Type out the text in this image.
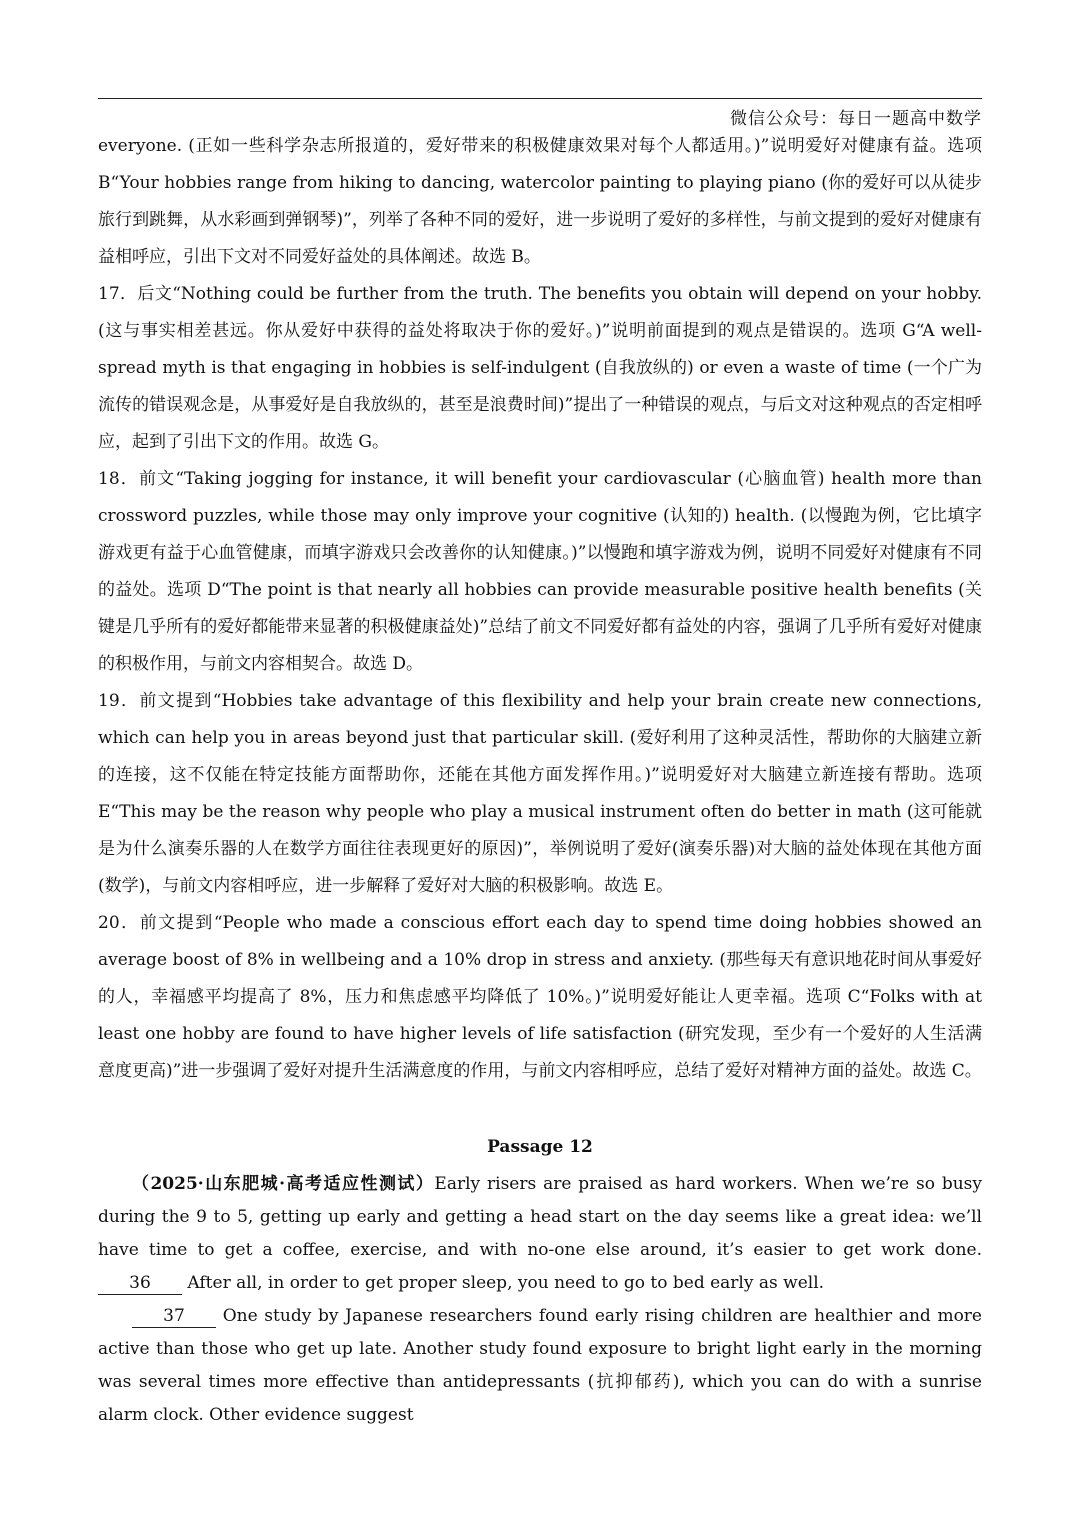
微信公众号：每日一题高中数学

everyone. (正如一些科学杂志所报道的，爱好带来的积极健康效果对每个人都适用。)”说明爱好对健康有益。选项 B“Your hobbies range from hiking to dancing, watercolor painting to playing piano (你的爱好可以从徒步旅行到跳舞，从水彩画到弹钢琴)”，列举了各种不同的爱好，进一步说明了爱好的多样性，与前文提到的爱好对健康有益相呼应，引出下文对不同爱好益处的具体阐述。故选 B。

17．后文“Nothing could be further from the truth. The benefits you obtain will depend on your hobby. (这与事实相差甚远。你从爱好中获得的益处将取决于你的爱好。)”说明前面提到的观点是错误的。选项 G“A well-spread myth is that engaging in hobbies is self-indulgent (自我放纵的) or even a waste of time (一个广为流传的错误观念是，从事爱好是自我放纵的，甚至是浪费时间)”提出了一种错误的观点，与后文对这种观点的否定相呼应，起到了引出下文的作用。故选 G。

18．前文“Taking jogging for instance, it will benefit your cardiovascular (心脑血管) health more than crossword puzzles, while those may only improve your cognitive (认知的) health. (以慢跑为例，它比填字游戏更有益于心血管健康，而填字游戏只会改善你的认知健康。)”以慢跑和填字游戏为例，说明不同爱好对健康有不同的益处。选项 D“The point is that nearly all hobbies can provide measurable positive health benefits (关键是几乎所有的爱好都能带来显著的积极健康益处)”总结了前文不同爱好都有益处的内容，强调了几乎所有爱好对健康的积极作用，与前文内容相契合。故选 D。

19．前文提到“Hobbies take advantage of this flexibility and help your brain create new connections, which can help you in areas beyond just that particular skill. (爱好利用了这种灵活性，帮助你的大脑建立新的连接，这不仅能在特定技能方面帮助你，还能在其他方面发挥作用。)”说明爱好对大脑建立新连接有帮助。选项 E“This may be the reason why people who play a musical instrument often do better in math (这可能就是为什么演奏乐器的人在数学方面往往表现更好的原因)”，举例说明了爱好(演奏乐器)对大脑的益处体现在其他方面(数学)，与前文内容相呼应，进一步解释了爱好对大脑的积极影响。故选 E。

20．前文提到“People who made a conscious effort each day to spend time doing hobbies showed an average boost of 8% in wellbeing and a 10% drop in stress and anxiety. (那些每天有意识地花时间从事爱好的人，幸福感平均提高了 8%，压力和焦虑感平均降低了 10%。)”说明爱好能让人更幸福。选项 C“Folks with at least one hobby are found to have higher levels of life satisfaction (研究发现，至少有一个爱好的人生活满意度更高)”进一步强调了爱好对提升生活满意度的作用，与前文内容相呼应，总结了爱好对精神方面的益处。故选 C。

Passage 12

（2025·山东肥城·高考适应性测试）Early risers are praised as hard workers. When we’re so busy during the 9 to 5, getting up early and getting a head start on the day seems like a great idea: we’ll have time to get a coffee, exercise, and with no-one else around, it’s easier to get work done. 36 After all, in order to get proper sleep, you need to go to bed early as well.

37 One study by Japanese researchers found early rising children are healthier and more active than those who get up late. Another study found exposure to bright light early in the morning was several times more effective than antidepressants (抗抑郁药), which you can do with a sunrise alarm clock. Other evidence suggest
